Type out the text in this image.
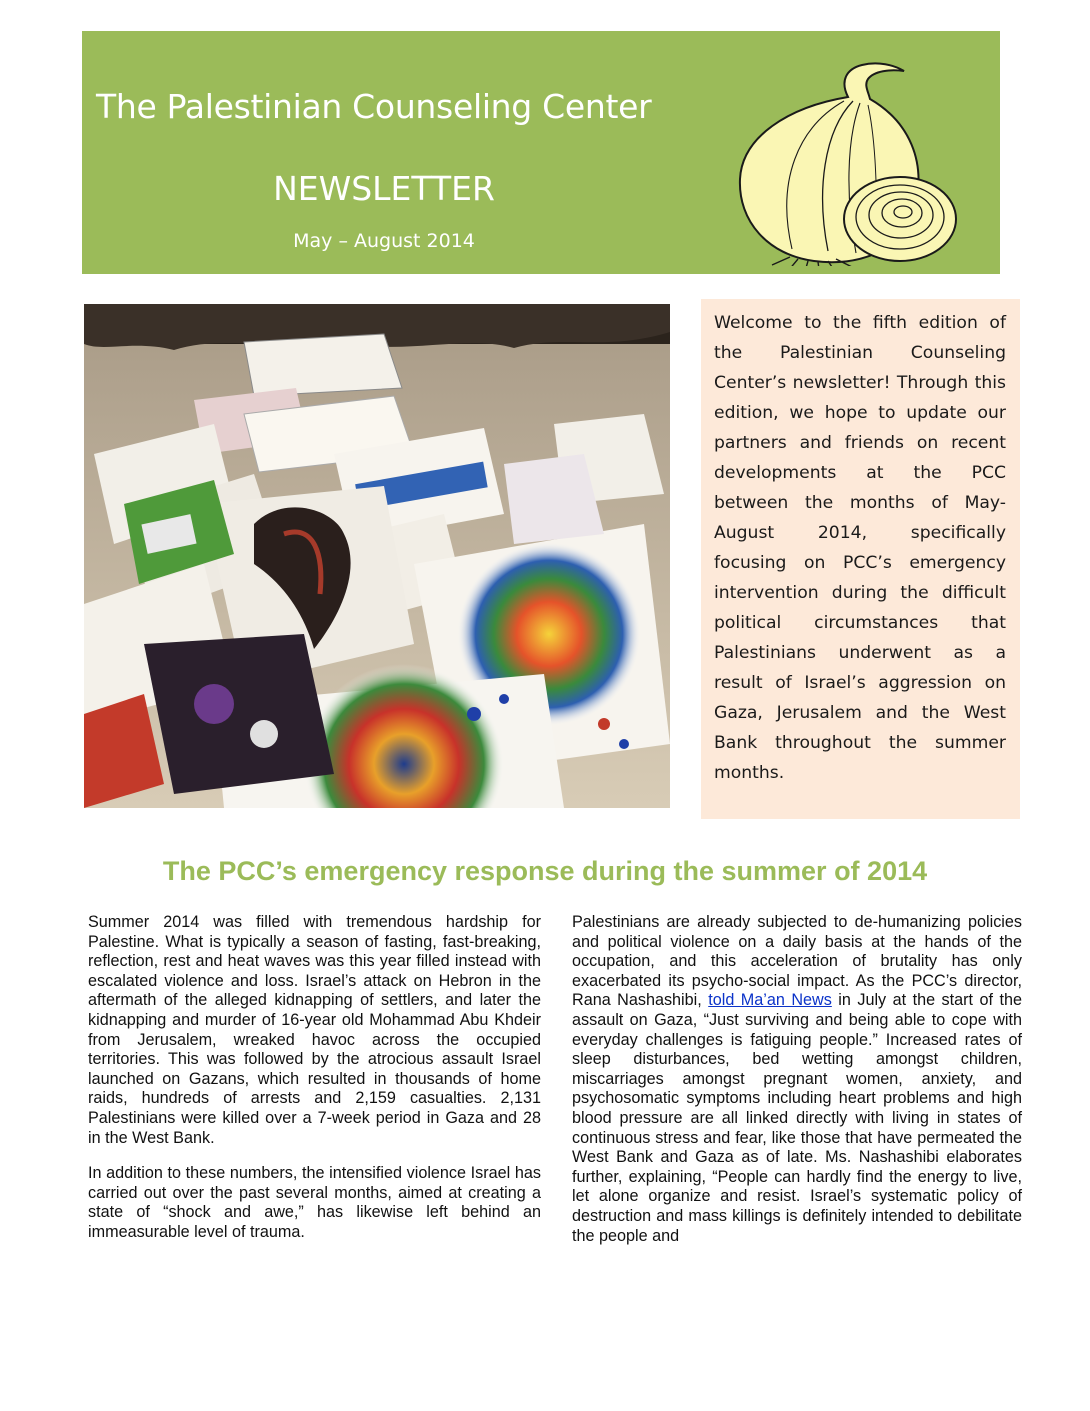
The Palestinian Counseling Center
NEWSLETTER
May – August 2014

Welcome to the fifth edition of the Palestinian Counseling Center’s newsletter! Through this edition, we hope to update our partners and friends on recent developments at the PCC between the months of May-August 2014, specifically focusing on PCC’s emergency intervention during the difficult political circumstances that Palestinians underwent as a result of Israel’s aggression on Gaza, Jerusalem and the West Bank throughout the summer months.

The PCC’s emergency response during the summer of 2014

Summer 2014 was filled with tremendous hardship for Palestine. What is typically a season of fasting, fast-breaking, reflection, rest and heat waves was this year filled instead with escalated violence and loss. Israel’s attack on Hebron in the aftermath of the alleged kidnapping of settlers, and later the kidnapping and murder of 16-year old Mohammad Abu Khdeir from Jerusalem, wreaked havoc across the occupied territories. This was followed by the atrocious assault Israel launched on Gazans, which resulted in thousands of home raids, hundreds of arrests and 2,159 casualties. 2,131 Palestinians were killed over a 7-week period in Gaza and 28 in the West Bank.

In addition to these numbers, the intensified violence Israel has carried out over the past several months, aimed at creating a state of “shock and awe,” has likewise left behind an immeasurable level of trauma.

Palestinians are already subjected to de-humanizing policies and political violence on a daily basis at the hands of the occupation, and this acceleration of brutality has only exacerbated its psycho-social impact. As the PCC’s director, Rana Nashashibi, told Ma’an News in July at the start of the assault on Gaza, “Just surviving and being able to cope with everyday challenges is fatiguing people.” Increased rates of sleep disturbances, bed wetting amongst children, miscarriages amongst pregnant women, anxiety, and psychosomatic symptoms including heart problems and high blood pressure are all linked directly with living in states of continuous stress and fear, like those that have permeated the West Bank and Gaza as of late. Ms. Nashashibi elaborates further, explaining, “People can hardly find the energy to live, let alone organize and resist. Israel’s systematic policy of destruction and mass killings is definitely intended to debilitate the people and
